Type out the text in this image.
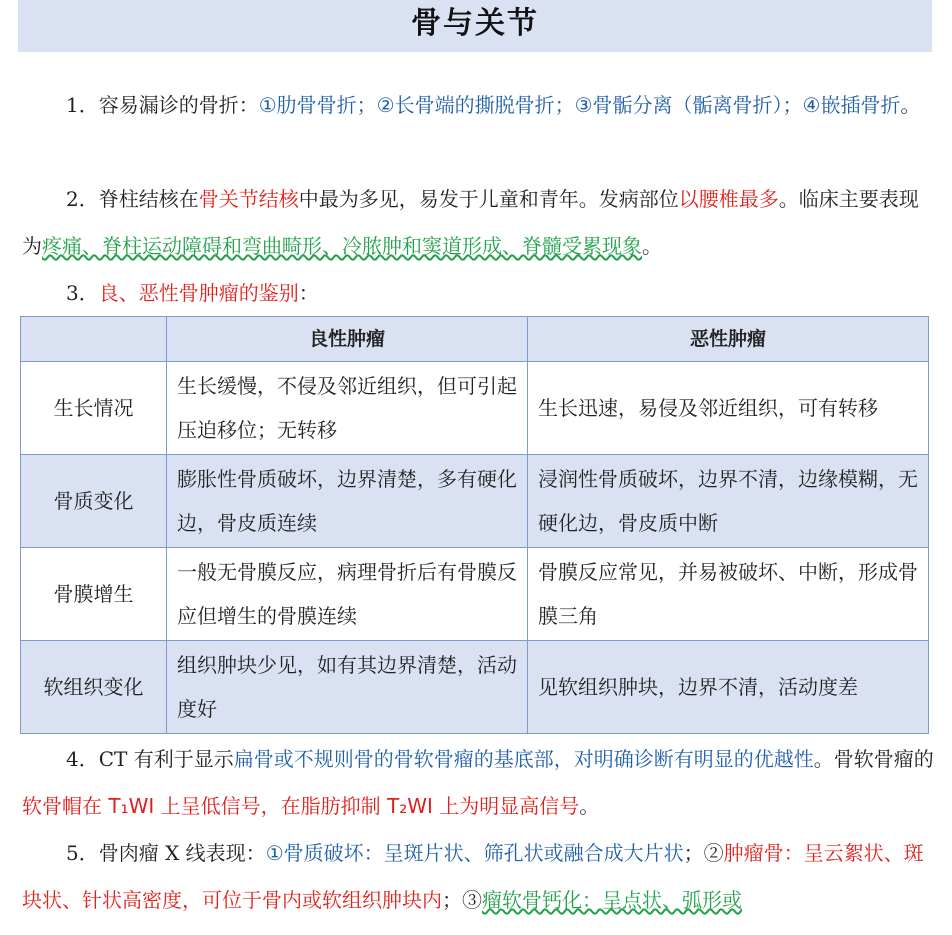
骨与关节
1．容易漏诊的骨折：①肋骨骨折；②长骨端的撕脱骨折；③骨骺分离（骺离骨折）；④嵌插骨折。
2．脊柱结核在骨关节结核中最为多见，易发于儿童和青年。发病部位以腰椎最多。临床主要表现为疼痛、脊柱运动障碍和弯曲畸形、冷脓肿和窦道形成、脊髓受累现象。
3．良、恶性骨肿瘤的鉴别：
	良性肿瘤	恶性肿瘤
生长情况	生长缓慢，不侵及邻近组织，但可引起压迫移位；无转移	生长迅速，易侵及邻近组织，可有转移
骨质变化	膨胀性骨质破坏，边界清楚，多有硬化边，骨皮质连续	浸润性骨质破坏，边界不清，边缘模糊，无硬化边，骨皮质中断
骨膜增生	一般无骨膜反应，病理骨折后有骨膜反应但增生的骨膜连续	骨膜反应常见，并易被破坏、中断，形成骨膜三角
软组织变化	组织肿块少见，如有其边界清楚，活动度好	见软组织肿块，边界不清，活动度差
4．CT 有利于显示扁骨或不规则骨的骨软骨瘤的基底部，对明确诊断有明显的优越性。骨软骨瘤的软骨帽在 T₁WI 上呈低信号，在脂肪抑制 T₂WI 上为明显高信号。
5．骨肉瘤 X 线表现：①骨质破坏：呈斑片状、筛孔状或融合成大片状；②肿瘤骨：呈云絮状、斑块状、针状高密度，可位于骨内或软组织肿块内；③瘤软骨钙化：呈点状、弧形或
